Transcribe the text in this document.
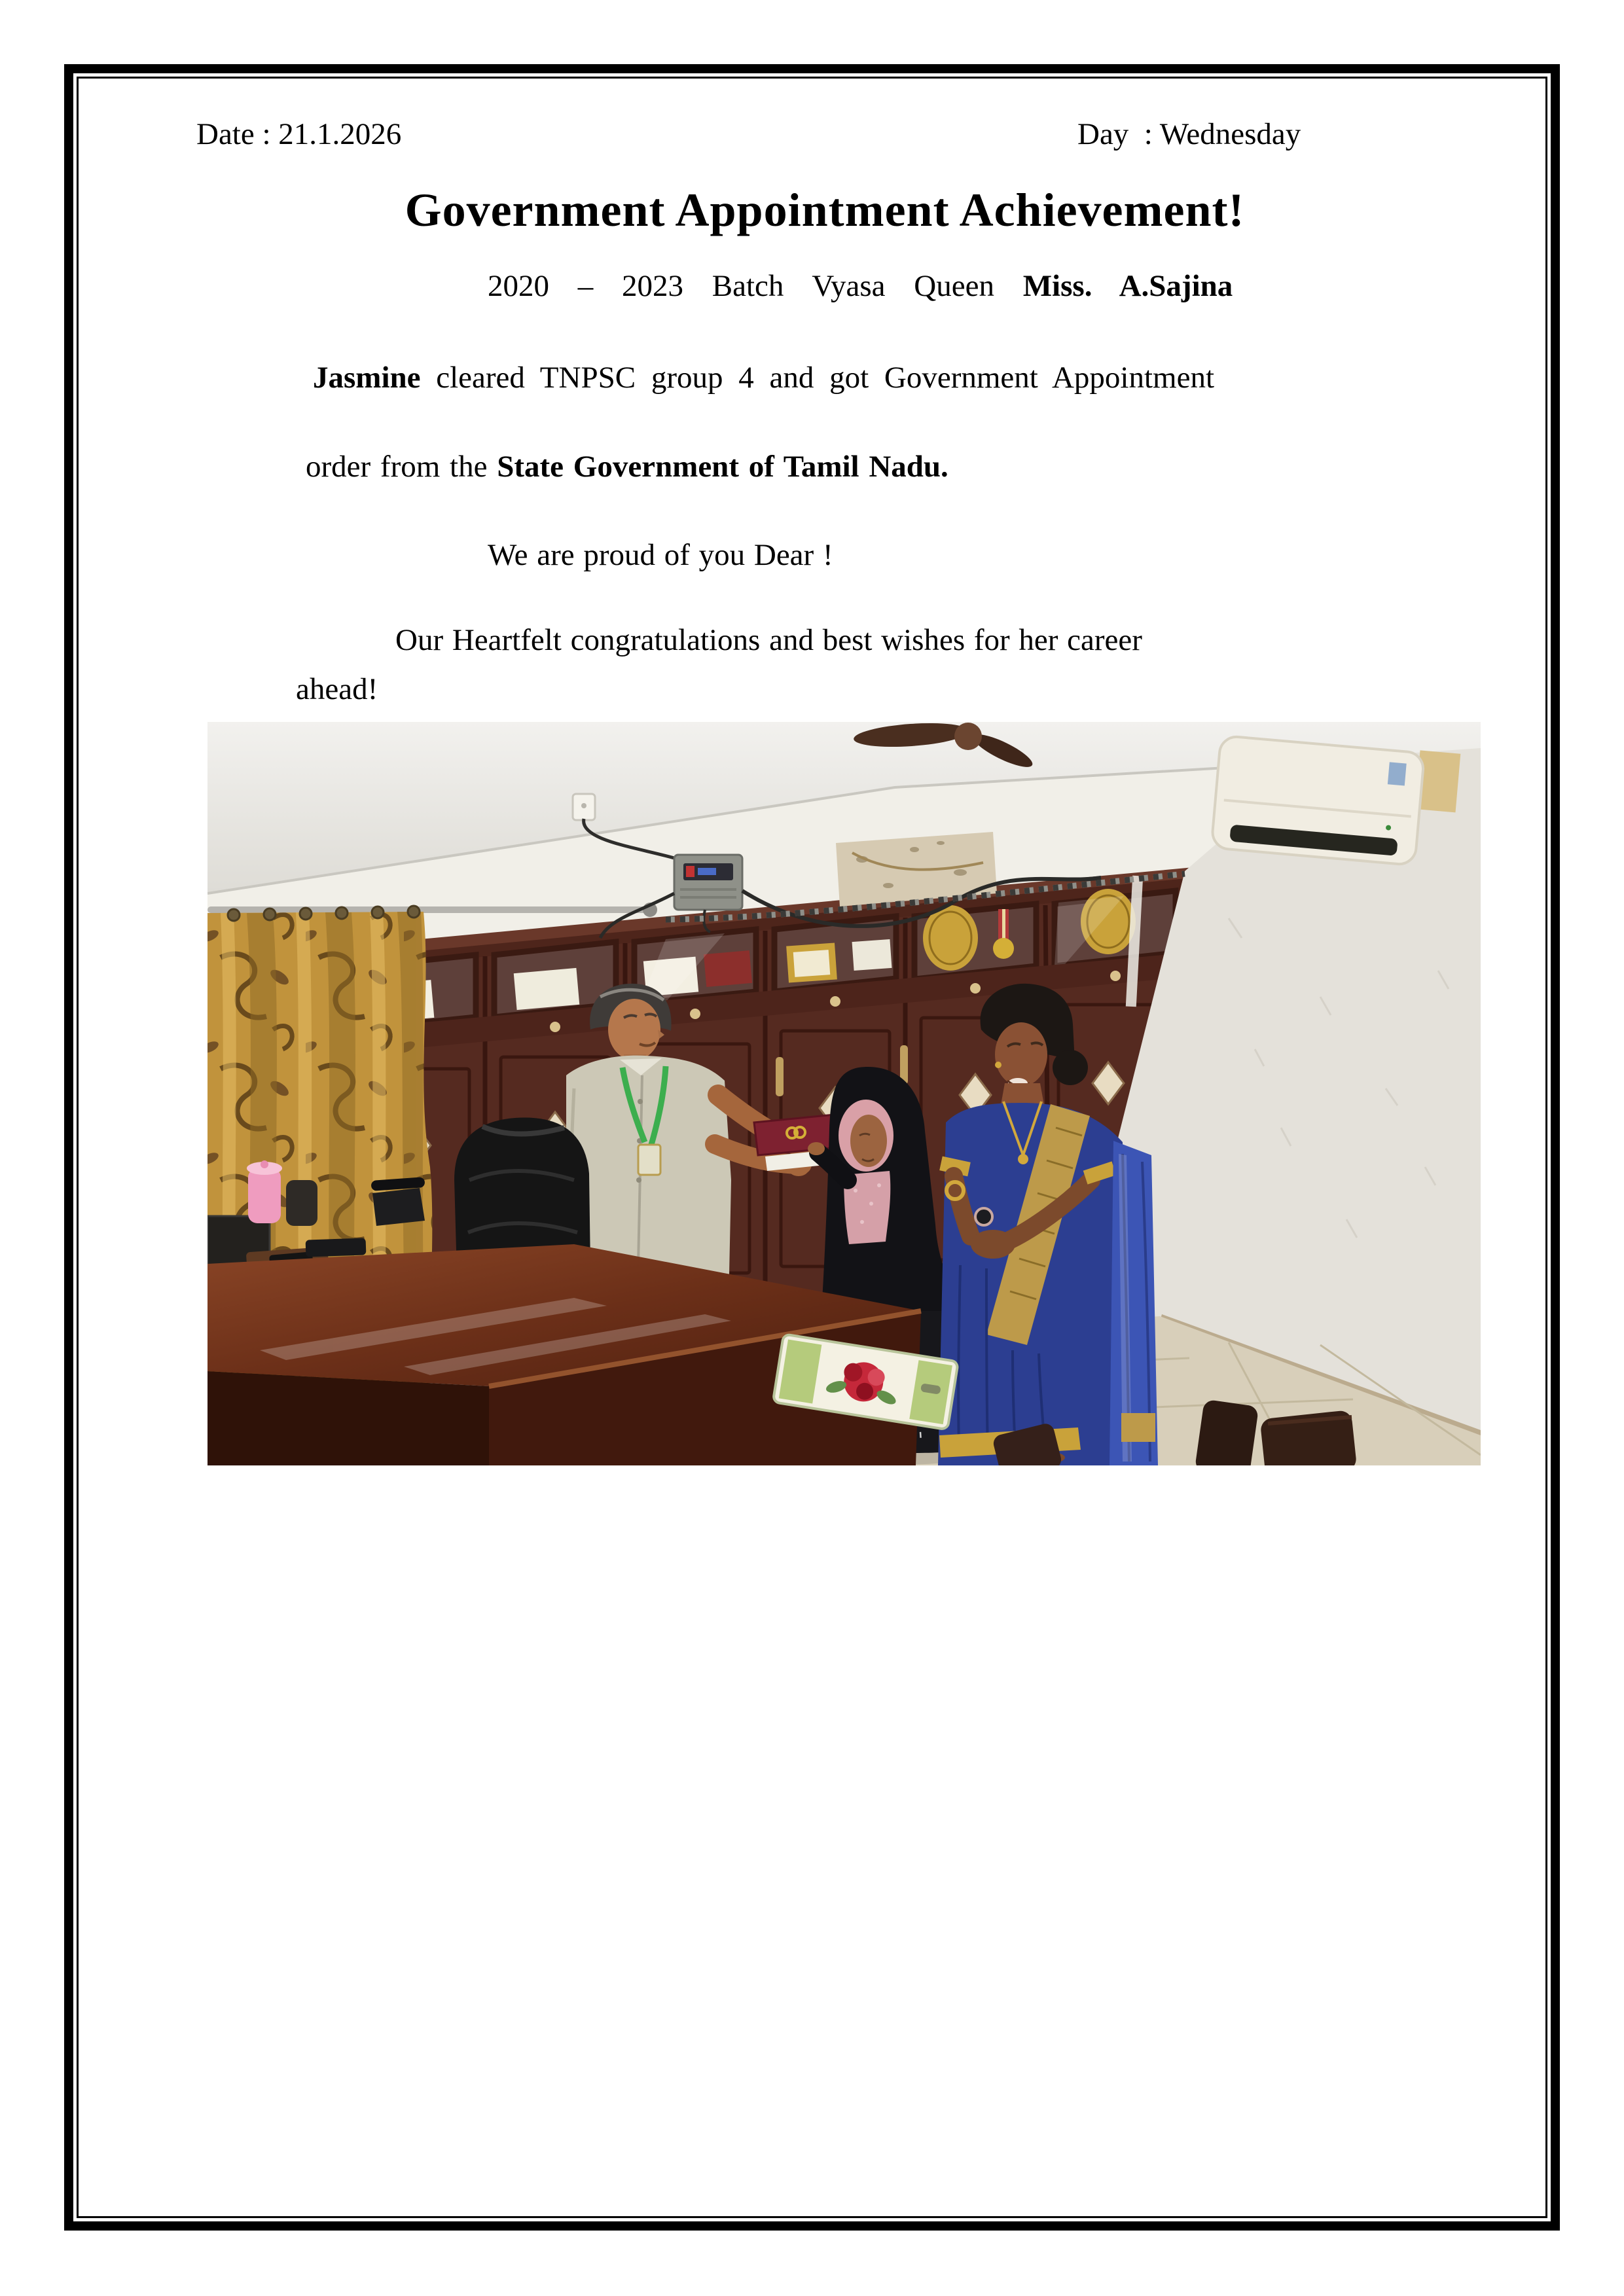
Date : 21.1.2026	Day  : Wednesday
Government Appointment Achievement!
2020 – 2023 Batch Vyasa Queen Miss. A.Sajina
Jasmine cleared TNPSC group 4 and got Government Appointment
order from the State Government of Tamil Nadu.
We are proud of you Dear !
Our Heartfelt congratulations and best wishes for her career
ahead!
